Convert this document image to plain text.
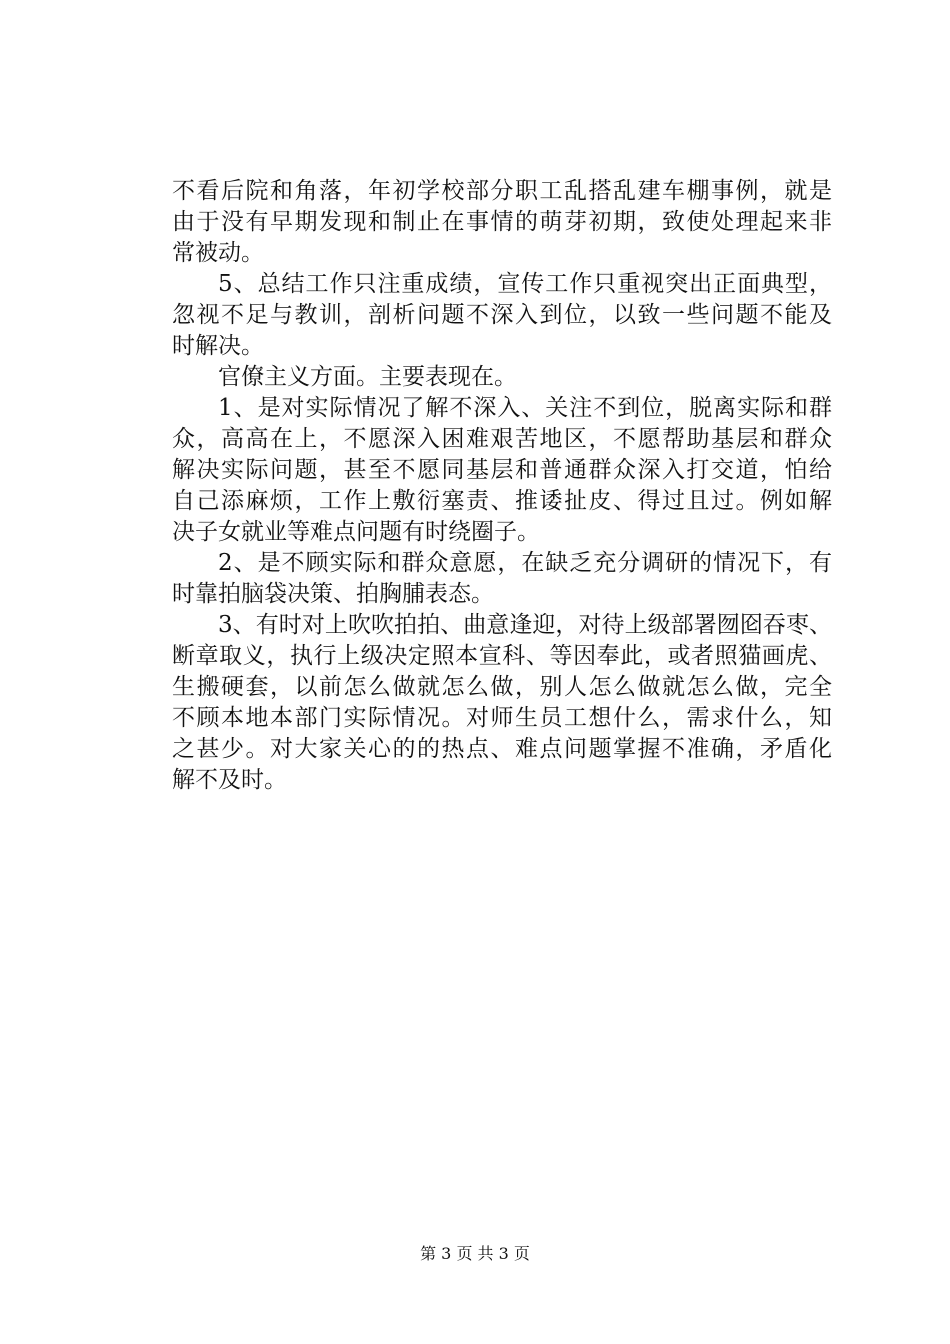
不看后院和角落，年初学校部分职工乱搭乱建车棚事例，就是
由于没有早期发现和制止在事情的萌芽初期，致使处理起来非
常被动。
5、总结工作只注重成绩，宣传工作只重视突出正面典型，
忽视不足与教训，剖析问题不深入到位，以致一些问题不能及
时解决。
官僚主义方面。主要表现在。
1、是对实际情况了解不深入、关注不到位，脱离实际和群
众，高高在上，不愿深入困难艰苦地区，不愿帮助基层和群众
解决实际问题，甚至不愿同基层和普通群众深入打交道，怕给
自己添麻烦，工作上敷衍塞责、推诿扯皮、得过且过。例如解
决子女就业等难点问题有时绕圈子。
2、是不顾实际和群众意愿，在缺乏充分调研的情况下，有
时靠拍脑袋决策、拍胸脯表态。
3、有时对上吹吹拍拍、曲意逢迎，对待上级部署囫囵吞枣、
断章取义，执行上级决定照本宣科、等因奉此，或者照猫画虎、
生搬硬套，以前怎么做就怎么做，别人怎么做就怎么做，完全
不顾本地本部门实际情况。对师生员工想什么，需求什么，知
之甚少。对大家关心的的热点、难点问题掌握不准确，矛盾化
解不及时。
第 3 页 共 3 页
